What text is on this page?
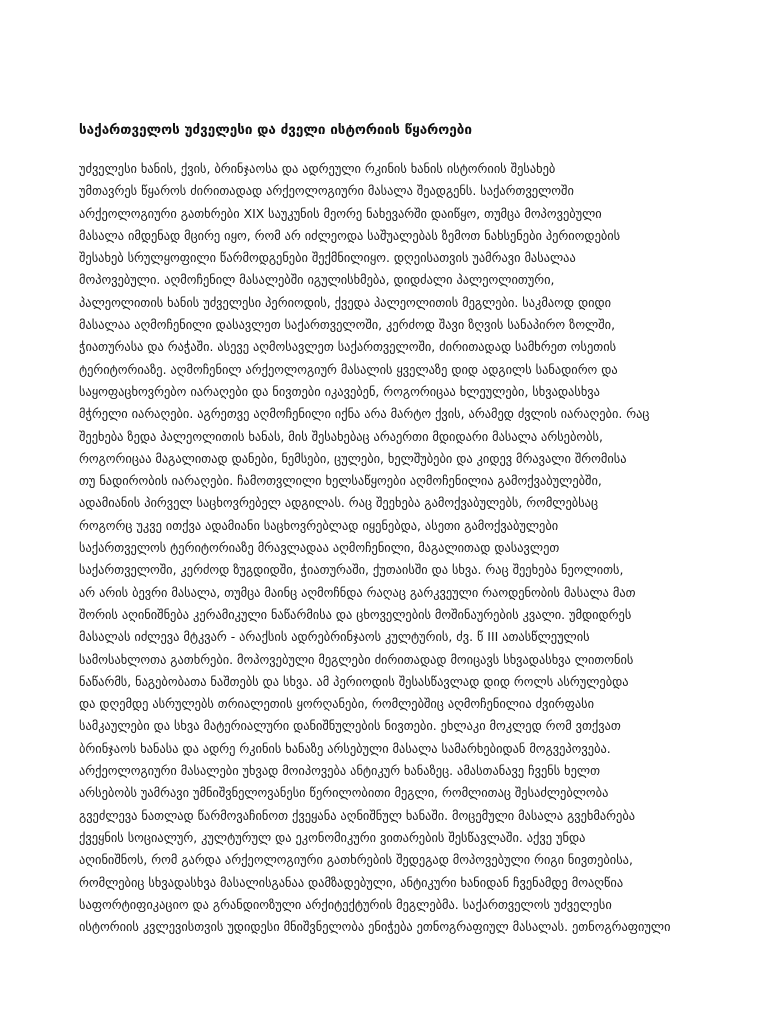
საქართველოს უძველესი და ძველი ისტორიის წყაროები
უძველესი ხანის, ქვის, ბრინჯაოსა და ადრეული რკინის ხანის ისტორიის შესახებ
უმთავრეს წყაროს ძირითადად არქეოლოგიური მასალა შეადგენს. საქართველოში
არქეოლოგიური გათხრები XIX საუკუნის მეორე ნახევარში დაიწყო, თუმცა მოპოვებული
მასალა იმდენად მცირე იყო, რომ არ იძლეოდა საშუალებას ზემოთ ნახსენები პერიოდების
შესახებ სრულყოფილი წარმოდგენები შექმნილიყო. დღეისათვის უამრავი მასალაა
მოპოვებული. აღმოჩენილ მასალებში იგულისხმება, დიდძალი პალეოლითური,
პალეოლითის ხანის უძველესი პერიოდის, ქვედა პალეოლითის მეგლები. საკმაოდ დიდი
მასალაა აღმოჩენილი დასავლეთ საქართველოში, კერძოდ შავი ზღვის სანაპირო ზოლში,
ჭიათურასა და რაჭაში. ასევე აღმოსავლეთ საქართველოში, ძირითადად სამხრეთ ოსეთის
ტერიტორიაზე. აღმოჩენილ არქეოლოგიურ მასალის ყველაზე დიდ ადგილს სანადირო და
საყოფაცხოვრებო იარაღები და ნივთები იკავებენ, როგორიცაა ხლეულები, სხვადასხვა
მჭრელი იარაღები. აგრეთვე აღმოჩენილი იქნა არა მარტო ქვის, არამედ ძვლის იარაღები. რაც
შეეხება ზედა პალეოლითის ხანას, მის შესახებაც არაერთი მდიდარი მასალა არსებობს,
როგორიცაა მაგალითად დანები, ნემსები, ცულები, ხელშუბები და კიდევ მრავალი შრომისა
თუ ნადირობის იარაღები. ჩამოთვლილი ხელსაწყოები აღმოჩენილია გამოქვაბულებში,
ადამიანის პირველ საცხოვრებელ ადგილას. რაც შეეხება გამოქვაბულებს, რომლებსაც
როგორც უკვე ითქვა ადამიანი საცხოვრებლად იყენებდა, ასეთი გამოქვაბულები
საქართველოს ტერიტორიაზე მრავლადაა აღმოჩენილი, მაგალითად დასავლეთ
საქართველოში, კერძოდ ზუგდიდში, ჭიათურაში, ქუთაისში და სხვა. რაც შეეხება ნეოლითს,
არ არის ბევრი მასალა, თუმცა მაინც აღმოჩნდა რაღაც გარკვეული რაოდენობის მასალა მათ
შორის აღინიშნება კერამიკული ნაწარმისა და ცხოველების მოშინაურების კვალი. უმდიდრეს
მასალას იძლევა მტკვარ - არაქსის ადრებრინჯაოს კულტურის, ძვ. წ III ათასწლეულის
სამოსახლოთა გათხრები. მოპოვებული მეგლები ძირითადად მოიცავს სხვადასხვა ლითონის
ნაწარმს, ნაგებობათა ნაშთებს და სხვა. ამ პერიოდის შესასწავლად დიდ როლს ასრულებდა
და დღემდე ასრულებს თრიალეთის ყორღანები, რომლებშიც აღმოჩენილია ძვირფასი
სამკაულები და სხვა მატერიალური დანიშნულების ნივთები. ეხლაკი მოკლედ რომ ვთქვათ
ბრინჯაოს ხანასა და ადრე რკინის ხანაზე არსებული მასალა სამარხებიდან მოგვეპოვება.
არქეოლოგიური მასალები უხვად მოიპოვება ანტიკურ ხანაზეც. ამასთანავე ჩვენს ხელთ
არსებობს უამრავი უმნიშვნელოვანესი წერილობითი მეგლი, რომლითაც შესაძლებლობა
გვეძლევა ნათლად წარმოვაჩინოთ ქვეყანა აღნიშნულ ხანაში. მოცემული მასალა გვეხმარება
ქვეყნის სოციალურ, კულტურულ და ეკონომიკური ვითარების შესწავლაში. აქვე უნდა
აღინიშნოს, რომ გარდა არქეოლოგიური გათხრების შედეგად მოპოვებული რიგი ნივთებისა,
რომლებიც სხვადასხვა მასალისგანაა დამზადებული, ანტიკური ხანიდან ჩვენამდე მოაღწია
საფორტიფიკაციო და გრანდიოზული არქიტექტურის მეგლებმა. საქართველოს უძველესი
ისტორიის კვლევისთვის უდიდესი მნიშვნელობა ენიჭება ეთნოგრაფიულ მასალას. ეთნოგრაფიული
